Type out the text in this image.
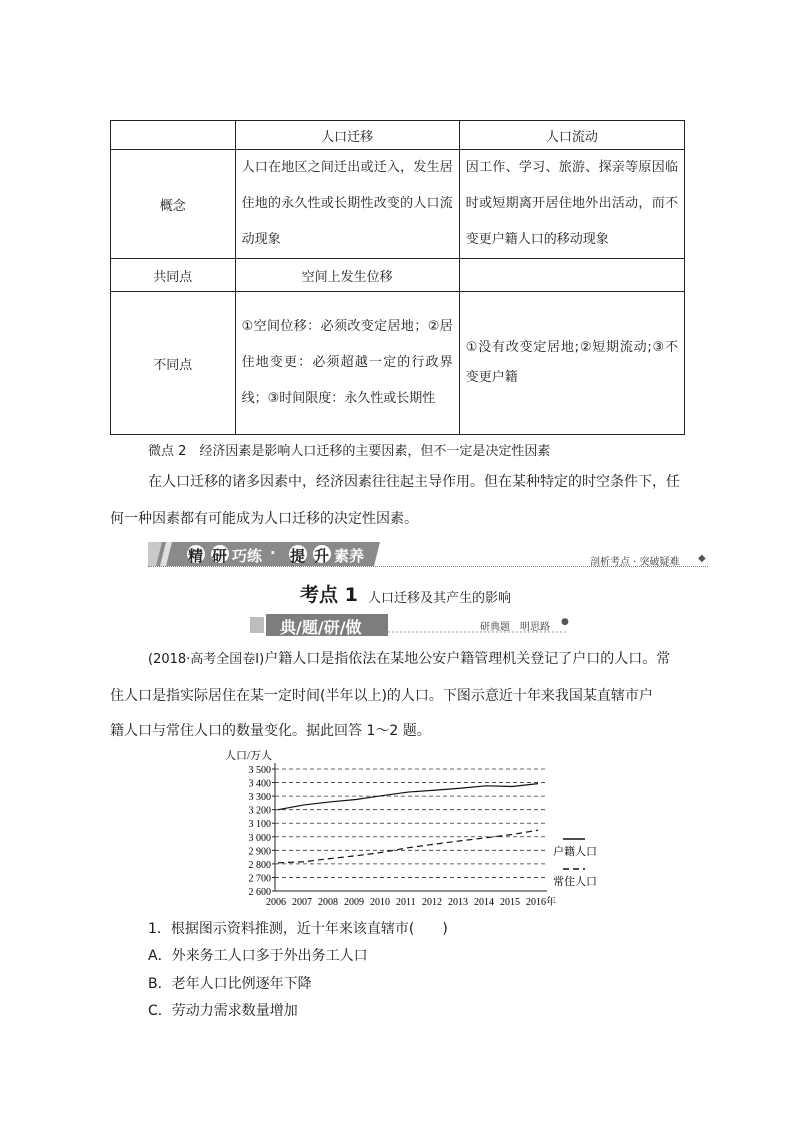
	人口迁移	人口流动
概念	人口在地区之间迁出或迁入，发生居住地的永久性或长期性改变的人口流动现象	因工作、学习、旅游、探亲等原因临时或短期离开居住地外出活动，而不变更户籍人口的移动现象
共同点	空间上发生位移	
不同点	①空间位移：必须改变定居地；②居住地变更：必须超越一定的行政界线；③时间限度：永久性或长期性	①没有改变定居地;②短期流动;③不变更户籍

微点 2　经济因素是影响人口迁移的主要因素，但不一定是决定性因素

在人口迁移的诸多因素中，经济因素往往起主导作用。但在某种特定的时空条件下，任

何一种因素都有可能成为人口迁移的决定性因素。

精 研 巧练 · 提 升 素养	剖析考点 · 突破疑难 ◆
考点 1 人口迁移及其产生的影响
典/题/研/做	研典题　明思路 ●

(2018·高考全国卷Ⅰ)户籍人口是指依法在某地公安户籍管理机关登记了户口的人口。常

住人口是指实际居住在某一定时间(半年以上)的人口。下图示意近十年来我国某直辖市户

籍人口与常住人口的数量变化。据此回答 1～2 题。

人口/万人
2 600
2 700
2 800
2 900
3 000
3 100
3 200
3 300
3 400
3 500
2006 2007 2008 2009 2010 2011 2012 2013 2014 2015 2016年
户籍人口
常住人口

1．根据图示资料推测，近十年来该直辖市(　　)

A．外来务工人口多于外出务工人口

B．老年人口比例逐年下降

C．劳动力需求数量增加
